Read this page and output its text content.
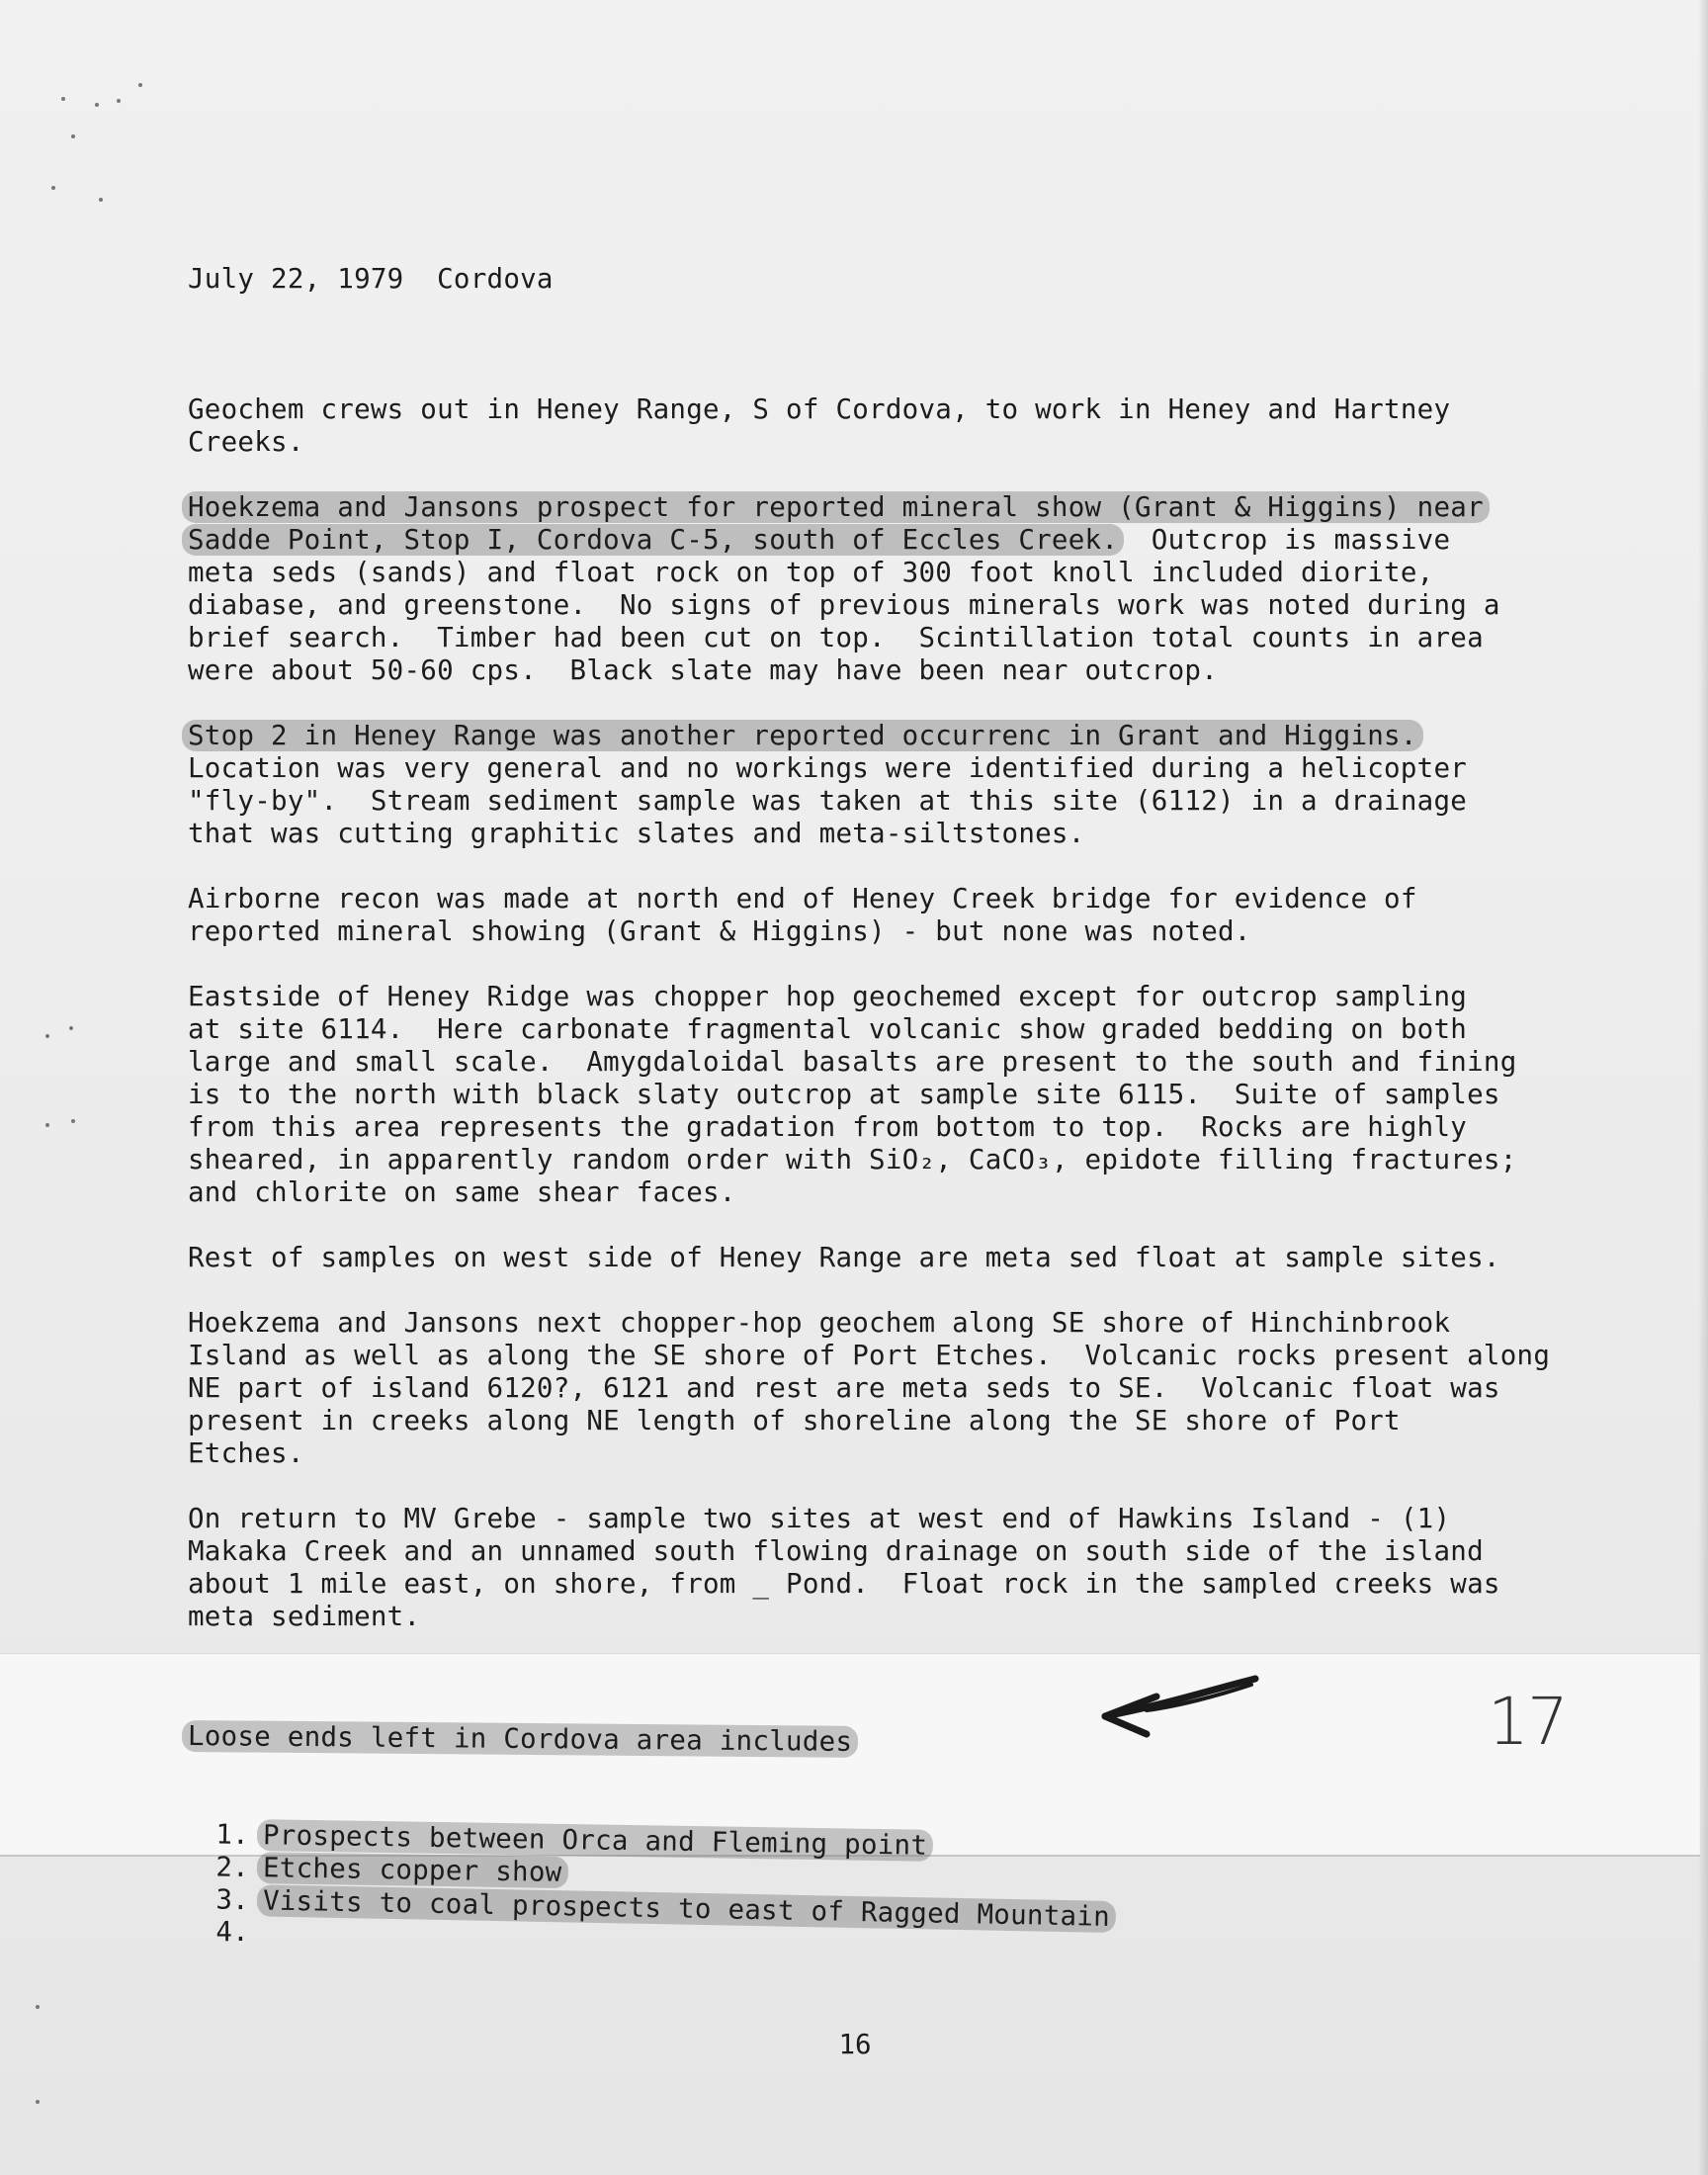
July 22, 1979  Cordova

Geochem crews out in Heney Range, S of Cordova, to work in Heney and Hartney
Creeks.
Hoekzema and Jansons prospect for reported mineral show (Grant & Higgins) near
Sadde Point, Stop I, Cordova C-5, south of Eccles Creek.  Outcrop is massive
meta seds (sands) and float rock on top of 300 foot knoll included diorite,
diabase, and greenstone.  No signs of previous minerals work was noted during a
brief search.  Timber had been cut on top.  Scintillation total counts in area
were about 50-60 cps.  Black slate may have been near outcrop.
Stop 2 in Heney Range was another reported occurrenc in Grant and Higgins.
Location was very general and no workings were identified during a helicopter
"fly-by".  Stream sediment sample was taken at this site (6112) in a drainage
that was cutting graphitic slates and meta-siltstones.
Airborne recon was made at north end of Heney Creek bridge for evidence of
reported mineral showing (Grant & Higgins) - but none was noted.
Eastside of Heney Ridge was chopper hop geochemed except for outcrop sampling
at site 6114.  Here carbonate fragmental volcanic show graded bedding on both
large and small scale.  Amygdaloidal basalts are present to the south and fining
is to the north with black slaty outcrop at sample site 6115.  Suite of samples
from this area represents the gradation from bottom to top.  Rocks are highly
sheared, in apparently random order with SiO₂, CaCO₃, epidote filling fractures;
and chlorite on same shear faces.
Rest of samples on west side of Heney Range are meta sed float at sample sites.
Hoekzema and Jansons next chopper-hop geochem along SE shore of Hinchinbrook
Island as well as along the SE shore of Port Etches.  Volcanic rocks present along
NE part of island 6120?, 6121 and rest are meta seds to SE.  Volcanic float was
present in creeks along NE length of shoreline along the SE shore of Port
Etches.
On return to MV Grebe - sample two sites at west end of Hawkins Island - (1)
Makaka Creek and an unnamed south flowing drainage on south side of the island
about 1 mile east, on shore, from _ Pond.  Float rock in the sampled creeks was
meta sediment.

Loose ends left in Cordova area includes

1. Prospects between Orca and Fleming point
2. Etches copper show
3. Visits to coal prospects to east of Ragged Mountain
4.

17
16
